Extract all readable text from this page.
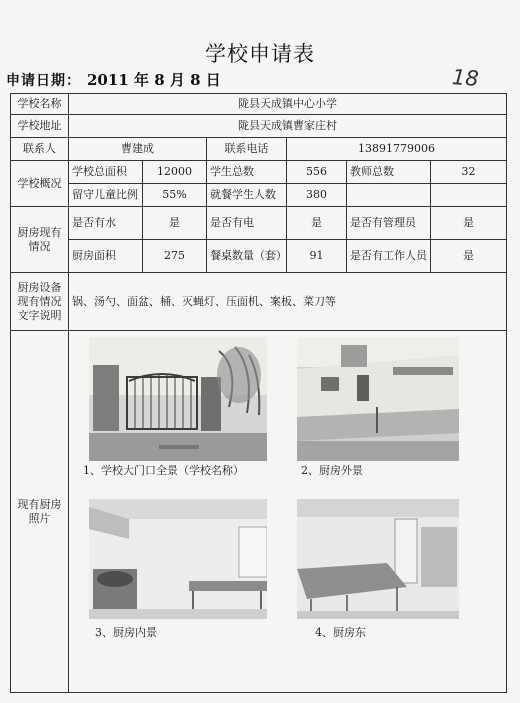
学校申请表
申请日期： 2011 年 8 月 8 日	18
学校名称	陇县天成镇中心小学					
学校地址	陇县天成镇曹家庄村					
联系人	曹建成		联系电话	13891779006		
学校概况	学校总面积	12000	学生总数	556	教师总数	32
	留守儿童比例	55%	就餐学生人数	380		
厨房现有情况	是否有水	是	是否有电	是	是否有管理员	是
	厨房面积	275	餐桌数量（套）	91	是否有工作人员	是
厨房设备现有情况文字说明	锅、汤勺、面盆、桶、灭蝇灯、压面机、案板、菜刀等					
现有厨房照片	1、学校大门口全景（学校名称） 2、厨房外景
3、厨房内景 4、厨房东					
